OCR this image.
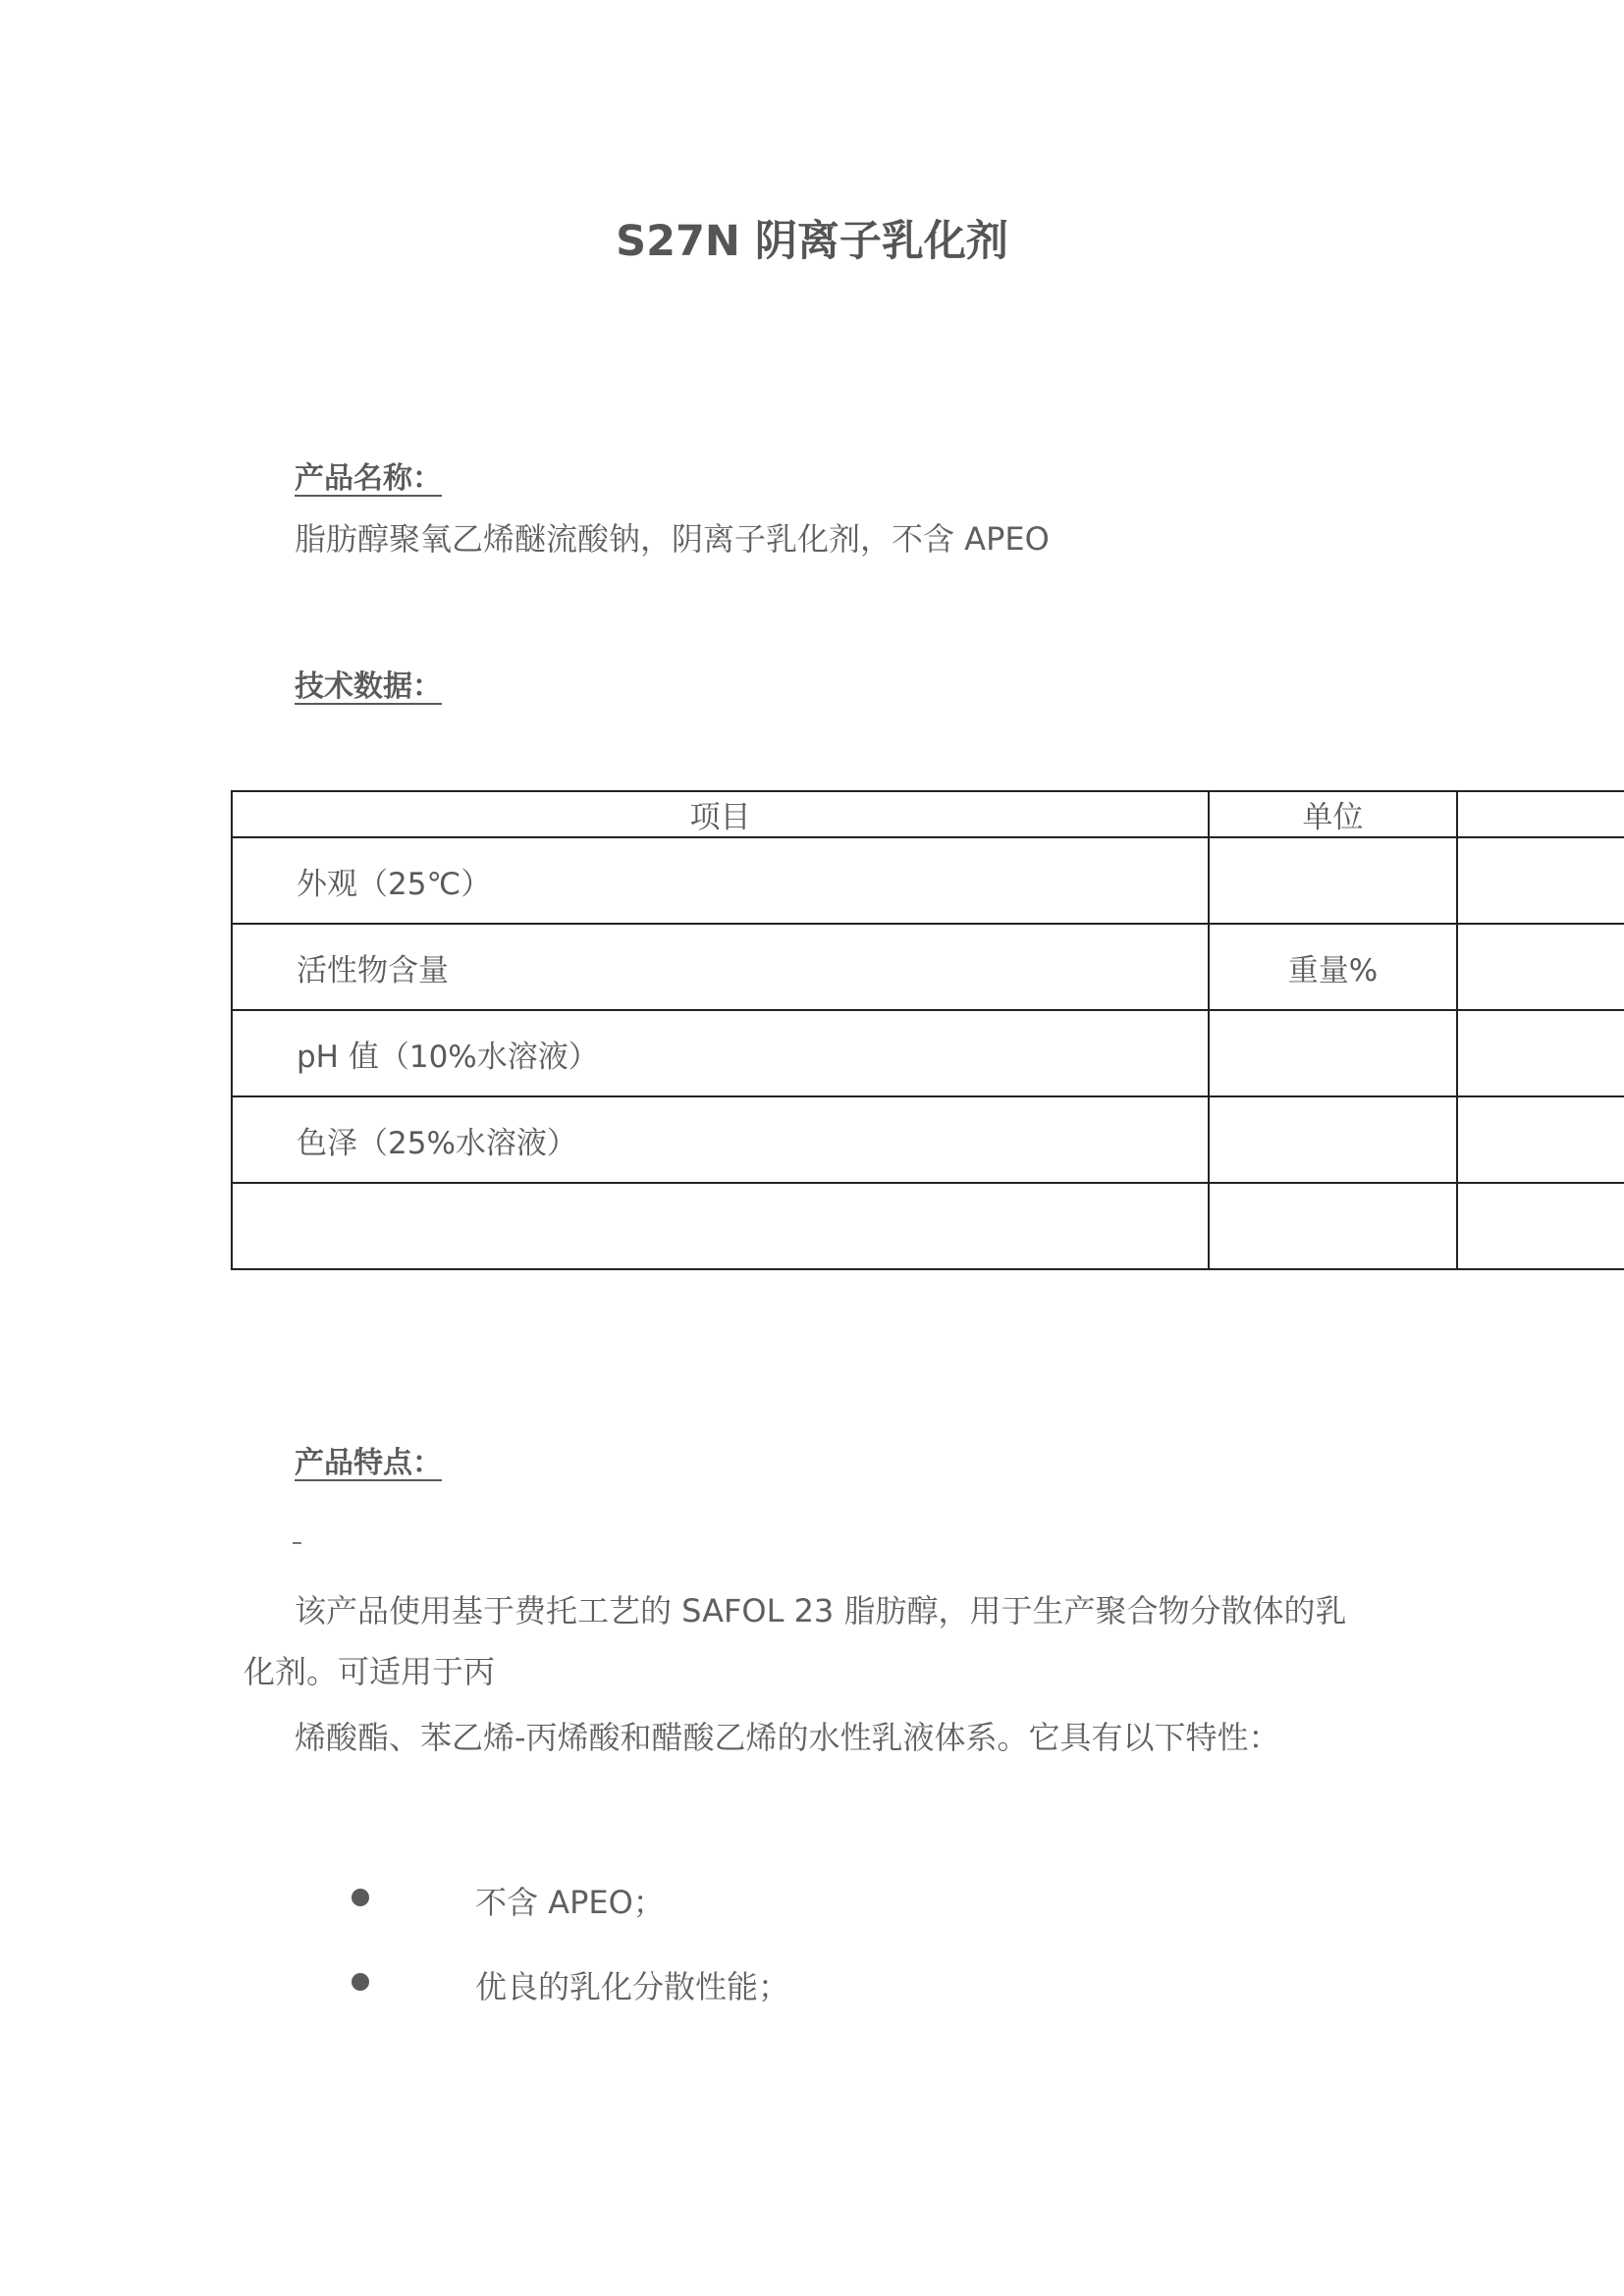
S27N 阴离子乳化剂

产品名称：

脂肪醇聚氧乙烯醚流酸钠，阴离子乳化剂，不含 APEO

技术数据：

项目	单位	
外观（25℃）		
活性物含量	重量%	
pH 值（10%水溶液）		
色泽（25%水溶液）		

产品特点：

该产品使用基于费托工艺的 SAFOL 23 脂肪醇，用于生产聚合物分散体的乳

化剂。可适用于丙

烯酸酯、苯乙烯-丙烯酸和醋酸乙烯的水性乳液体系。它具有以下特性：

不含 APEO；
优良的乳化分散性能；
